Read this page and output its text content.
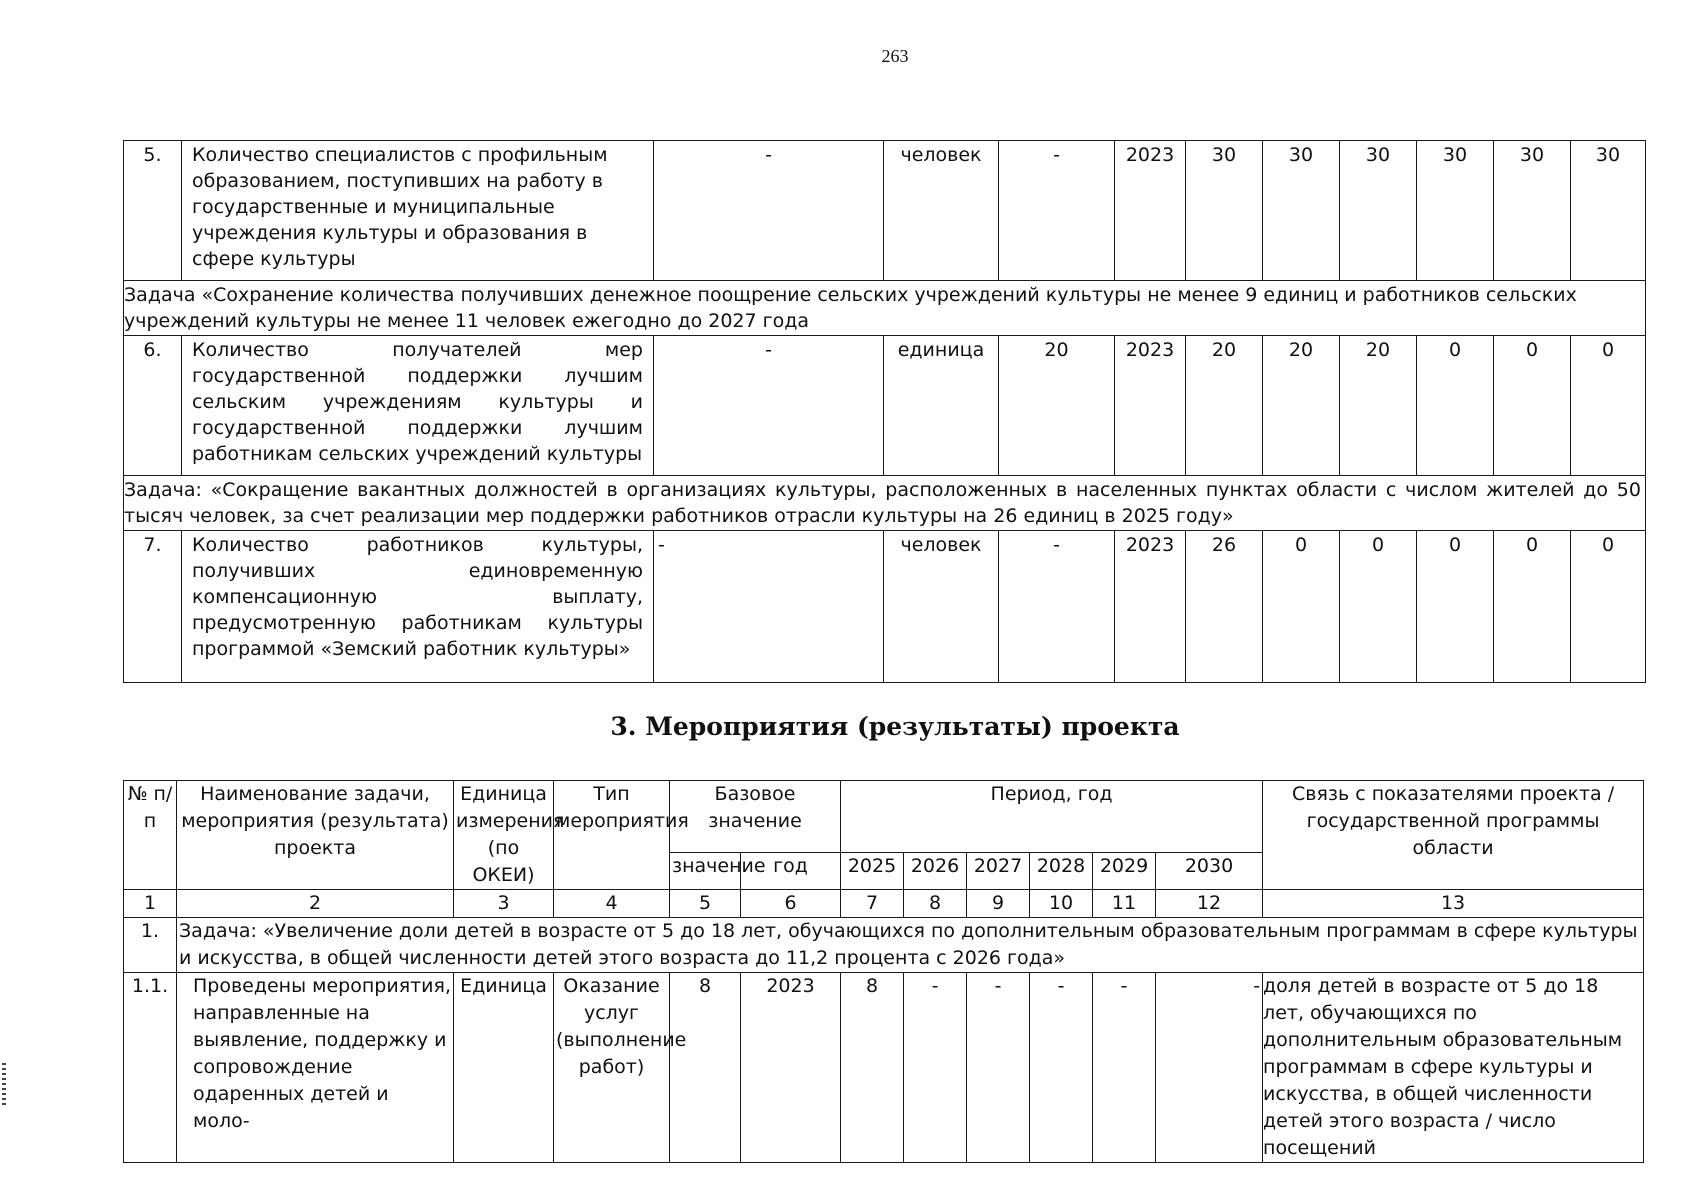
263
5.	Количество специалистов с профильным образованием, поступивших на работу в государственные и муниципальные учреждения культуры и образования в сфере культуры	-	человек	-	2023	30	30	30	30	30	30
Задача «Сохранение количества получивших денежное поощрение сельских учреждений культуры не менее 9 единиц и работников сельских учреждений культуры не менее 11 человек ежегодно до 2027 года											
6.	Количество получателей мер государственной поддержки лучшим сельским учреждениям культуры и государственной поддержки лучшим работникам сельских учреждений культуры	-	единица	20	2023	20	20	20	0	0	0
Задача: «Сокращение вакантных должностей в организациях культуры, расположенных в населенных пунктах области с числом жителей до 50 тысяч человек, за счет реализации мер поддержки работников отрасли культуры на 26 единиц в 2025 году»											
7.	Количество работников культуры, получивших единовременную компенсационную выплату, предусмотренную работникам культуры программой «Земский работник культуры»	-	человек	-	2023	26	0	0	0	0	0
3. Мероприятия (результаты) проекта
№ п/п	Наименование задачи, мероприятия (результата) проекта	Единица измерения (по ОКЕИ)	Тип мероприятия	Базовое значение		Период, год						Связь с показателями проекта / государственной программы области

				значение	год	2025	2026	2027	2028	2029	2030	
1	2	3	4	5	6	7	8	9	10	11	12	13
1.	Задача: «Увеличение доли детей в возрасте от 5 до 18 лет, обучающихся по дополнительным образовательным программам в сфере культуры и искусства, в общей численности детей этого возраста до 11,2 процента с 2026 года»											
1.1.	Проведены мероприятия, направленные на выявление, поддержку и сопровождение одаренных детей и моло-	Единица	Оказание услуг (выполнение работ)	8	2023	8	-	-	-	-	-	доля детей в возрасте от 5 до 18 лет, обучающихся по дополнительным образовательным программам в сфере культуры и искусства, в общей численности детей этого возраста / число посещений
